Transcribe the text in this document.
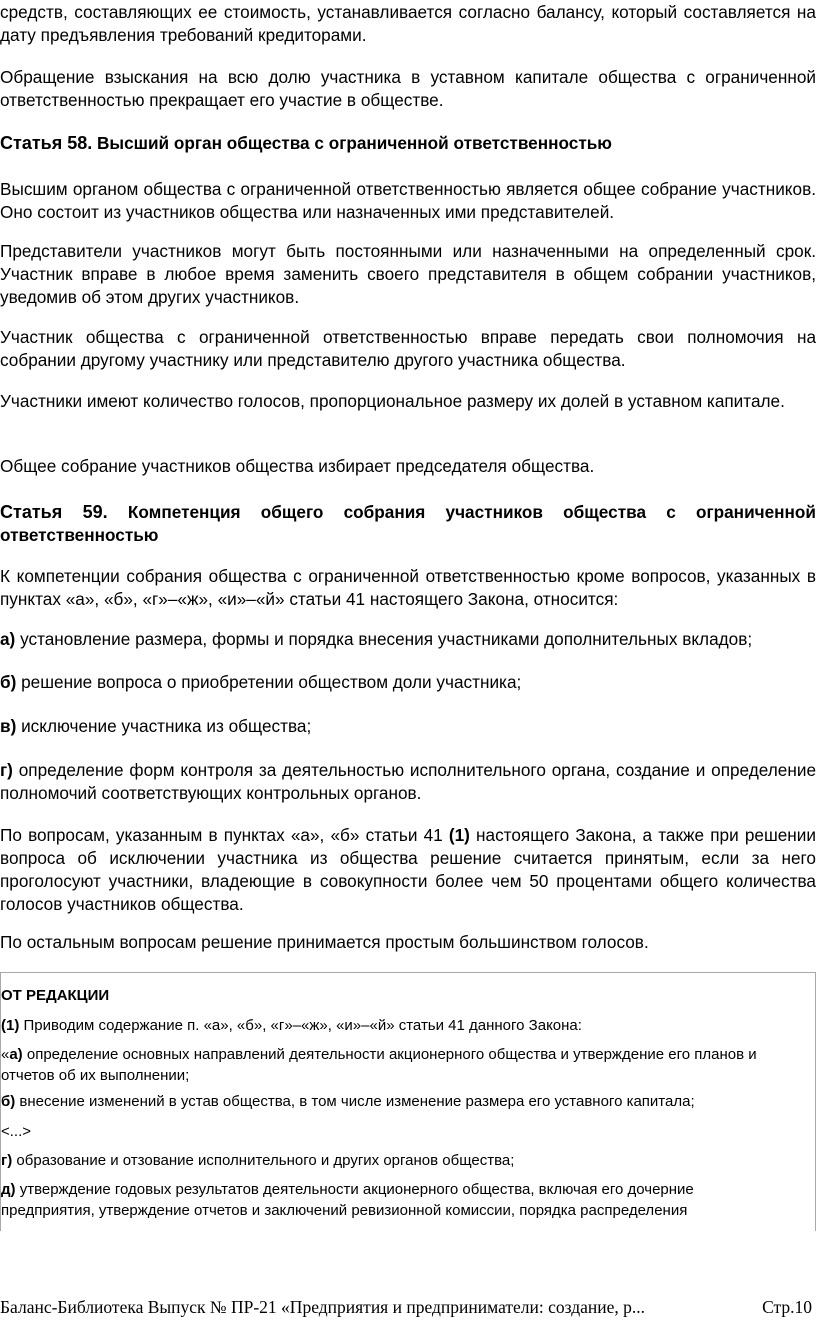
средств, составляющих ее стоимость, устанавливается согласно балансу, который составляется на дату предъявления требований кредиторами.

Обращение взыскания на всю долю участника в уставном капитале общества с ограниченной ответственностью прекращает его участие в обществе.

Статья 58. Высший орган общества с ограниченной ответственностью

Высшим органом общества с ограниченной ответственностью является общее собрание участников. Оно состоит из участников общества или назначенных ими представителей.

Представители участников могут быть постоянными или назначенными на определенный срок. Участник вправе в любое время заменить своего представителя в общем собрании участников, уведомив об этом других участников.

Участник общества с ограниченной ответственностью вправе передать свои полномочия на собрании другому участнику или представителю другого участника общества.

Участники имеют количество голосов, пропорциональное размеру их долей в уставном капитале.

Общее собрание участников общества избирает председателя общества.

Статья 59. Компетенция общего собрания участников общества с ограниченной ответственностью

К компетенции собрания общества с ограниченной ответственностью кроме вопросов, указанных в пунктах «а», «б», «г»–«ж», «и»–«й» статьи 41 настоящего Закона, относится:

а) установление размера, формы и порядка внесения участниками дополнительных вкладов;

б) решение вопроса о приобретении обществом доли участника;

в) исключение участника из общества;

г) определение форм контроля за деятельностью исполнительного органа, создание и определение полномочий соответствующих контрольных органов.

По вопросам, указанным в пунктах «а», «б» статьи 41 (1) настоящего Закона, а также при решении вопроса об исключении участника из общества решение считается принятым, если за него проголосуют участники, владеющие в совокупности более чем 50 процентами общего количества голосов участников общества.

По остальным вопросам решение принимается простым большинством голосов.

ОТ РЕДАКЦИИ
(1) Приводим содержание п. «а», «б», «г»–«ж», «и»–«й» статьи 41 данного Закона:
«а) определение основных направлений деятельности акционерного общества и утверждение его планов и отчетов об их выполнении;
б) внесение изменений в устав общества, в том числе изменение размера его уставного капитала;
<...>
г) образование и отзование исполнительного и других органов общества;
д) утверждение годовых результатов деятельности акционерного общества, включая его дочерние предприятия, утверждение отчетов и заключений ревизионной комиссии, порядка распределения
Баланс-Библиотека Выпуск № ПР-21 «Предприятия и предприниматели: создание, р...	Стр.10
